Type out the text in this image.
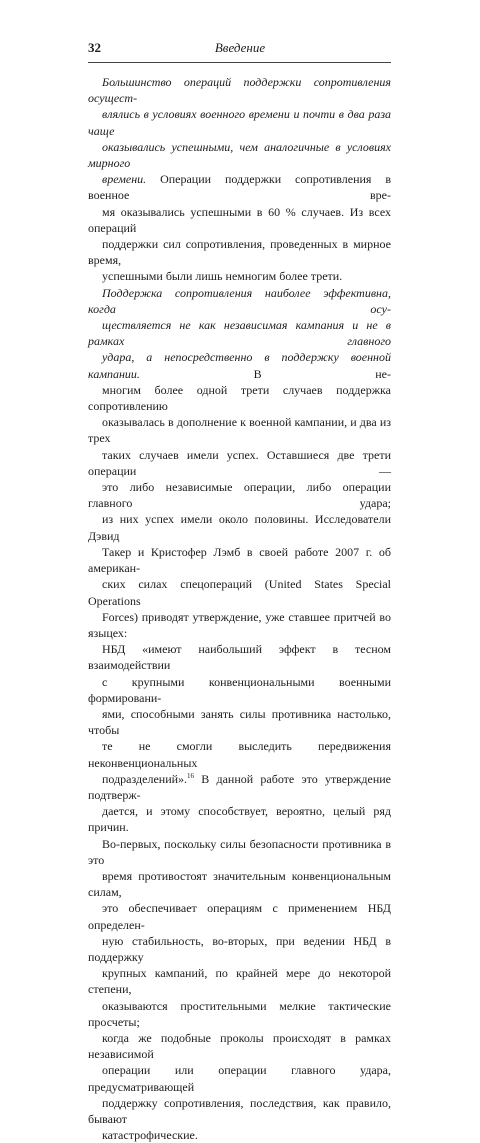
32	Введение
Большинство операций поддержки сопротивления осущест-
влялись в условиях военного времени и почти в два раза чаще
оказывались успешными, чем аналогичные в условиях мирного
времени. Операции поддержки сопротивления в военное вре-
мя оказывались успешными в 60 % случаев. Из всех операций
поддержки сил сопротивления, проведенных в мирное время,
успешными были лишь немногим более трети.
Поддержка сопротивления наиболее эффективна, когда осу-
ществляется не как независимая кампания и не в рамках главного
удара, а непосредственно в поддержку военной кампании. В не-
многим более одной трети случаев поддержка сопротивлению
оказывалась в дополнение к военной кампании, и два из трех
таких случаев имели успех. Оставшиеся две трети операции —
это либо независимые операции, либо операции главного удара;
из них успех имели около половины. Исследователи Дэвид
Такер и Кристофер Лэмб в своей работе 2007 г. об американ-
ских силах спецопераций (United States Special Operations
Forces) приводят утверждение, уже ставшее притчей во языцех:
НБД «имеют наибольший эффект в тесном взаимодействии
с крупными конвенциональными военными формировани-
ями, способными занять силы противника настолько, чтобы
те не смогли выследить передвижения неконвенциональных
подразделений».$^{16}$ В данной работе это утверждение подтверж-
дается, и этому способствует, вероятно, целый ряд причин.
Во-первых, поскольку силы безопасности противника в это
время противостоят значительным конвенциональным силам,
это обеспечивает операциям с применением НБД определен-
ную стабильность, во-вторых, при ведении НБД в поддержку
крупных кампаний, по крайней мере до некоторой степени,
оказываются простительными мелкие тактические просчеты;
когда же подобные проколы происходят в рамках независимой
операции или операции главного удара, предусматривающей
поддержку сопротивления, последствия, как правило, бывают
катастрофические.
